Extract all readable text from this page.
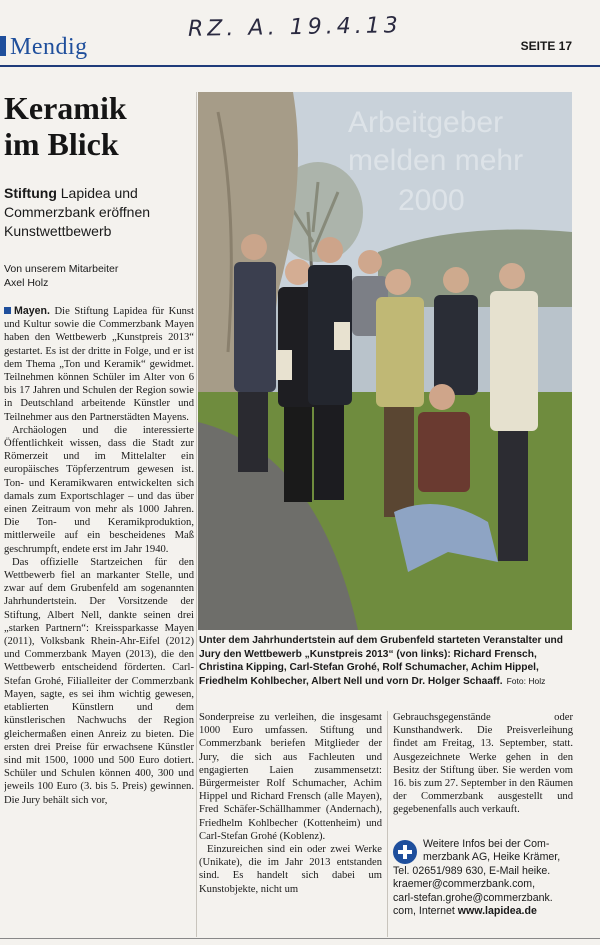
Mendig
RZ. A. 19.4.13
SEITE 17
Keramik
im Blick

Stiftung Lapidea und Commerzbank eröffnen Kunstwettbewerb

Von unserem Mitarbeiter
Axel Holz

Mayen. Die Stiftung Lapidea für Kunst und Kultur sowie die Commerzbank Mayen haben den Wettbewerb „Kunstpreis 2013“ gestartet. Es ist der dritte in Folge, und er ist dem Thema „Ton und Keramik“ gewidmet. Teilnehmen können Schüler im Alter von 6 bis 17 Jahren und Schulen der Region sowie in Deutschland arbeitende Künstler und Teilnehmer aus den Partnerstädten Mayens.

Archäologen und die interessierte Öffentlichkeit wissen, dass die Stadt zur Römerzeit und im Mittelalter ein europäisches Töpferzentrum gewesen ist. Ton- und Keramikwaren entwickelten sich damals zum Exportschlager – und das über einen Zeitraum von mehr als 1000 Jahren. Die Ton- und Keramikproduktion, mittlerweile auf ein bescheidenes Maß geschrumpft, endete erst im Jahr 1940.

Das offizielle Startzeichen für den Wettbewerb fiel an markanter Stelle, und zwar auf dem Grubenfeld am sogenannten Jahrhundertstein. Der Vorsitzende der Stiftung, Albert Nell, dankte seinen drei „starken Partnern“: Kreissparkasse Mayen (2011), Volksbank Rhein-Ahr-Eifel (2012) und Commerzbank Mayen (2013), die den Wettbewerb entscheidend förderten. Carl-Stefan Grohé, Filialleiter der Commerzbank Mayen, sagte, es sei ihm wichtig gewesen, etablierten Künstlern und dem künstlerischen Nachwuchs der Region gleichermaßen einen Anreiz zu bieten. Die ersten drei Preise für erwachsene Künstler sind mit 1500, 1000 und 500 Euro dotiert. Schüler und Schulen können 400, 300 und jeweils 100 Euro (3. bis 5. Preis) gewinnen. Die Jury behält sich vor,

Arbeitgeber
melden mehr
2000

Unter dem Jahrhundertstein auf dem Grubenfeld starteten Veranstalter und Jury den Wettbewerb „Kunstpreis 2013“ (von links): Richard Frensch, Christina Kipping, Carl-Stefan Grohé, Rolf Schumacher, Achim Hippel, Friedhelm Kohlbecher, Albert Nell und vorn Dr. Holger Schaaff. Foto: Holz

Sonderpreise zu verleihen, die insgesamt 1000 Euro umfassen. Stiftung und Commerzbank beriefen Mitglieder der Jury, die sich aus Fachleuten und engagierten Laien zusammensetzt: Bürgermeister Rolf Schumacher, Achim Hippel und Richard Frensch (alle Mayen), Fred Schäfer-Schällhammer (Andernach), Friedhelm Kohlbecher (Kottenheim) und Carl-Stefan Grohé (Koblenz).

Einzureichen sind ein oder zwei Werke (Unikate), die im Jahr 2013 entstanden sind. Es handelt sich dabei um Kunstobjekte, nicht um

Gebrauchsgegenstände oder Kunsthandwerk. Die Preisverleihung findet am Freitag, 13. September, statt. Ausgezeichnete Werke gehen in den Besitz der Stiftung über. Sie werden vom 16. bis zum 27. September in den Räumen der Commerzbank ausgestellt und gegebenenfalls auch verkauft.

Weitere Infos bei der Com-

merzbank AG, Heike Krämer,

Tel. 02651/989 630, E-Mail heike.

kraemer@commerzbank.com,

carl-stefan.grohe@commerzbank.

com, Internet www.lapidea.de
